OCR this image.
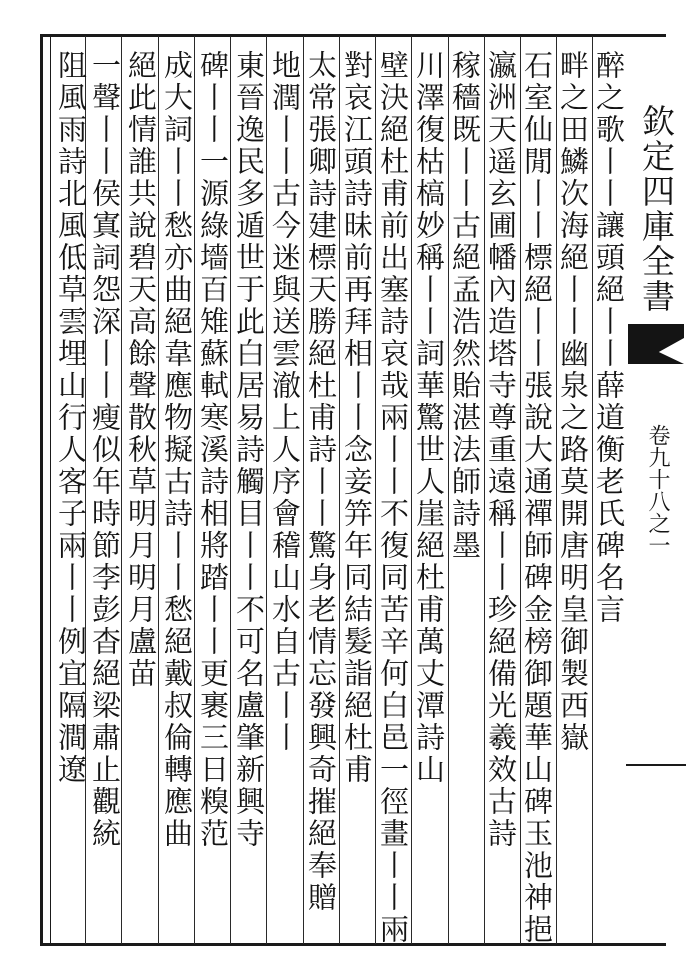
醉之歌丨丨讓頭絕丨丨薛道衡老氏碑名言
畔之田鱗次海絕丨丨幽泉之路莫開唐明皇御製西嶽
石室仙閒丨丨標絕丨丨張說大通禪師碑金榜御題華山碑玉池神挹
瀛洲天遥玄圃幡內造塔寺尊重遠稱丨丨珍絕備光羲效古詩
稼穡既丨丨古絕孟浩然貽湛法師詩墨
川澤復枯槁妙稱丨丨詞華驚世人崖絕杜甫萬丈潭詩山
壁決絕杜甫前出塞詩哀哉兩丨丨不復同苦辛何白邑一徑畫丨丨兩
對哀江頭詩昧前再拜相丨丨念妾笄年同結髮詣絕杜甫
太常張卿詩建標天勝絕杜甫詩丨丨驚身老情忘發興奇摧絕奉贈
地潤丨丨古今迷與送雲澈上人序會稽山水自古丨丨
東晉逸民多遁世于此白居易詩觸目丨丨不可名盧肇新興寺
碑丨丨一源綠墻百雉蘇軾寒溪詩相將踏丨丨更裹三日糗范
成大詞丨丨愁亦曲絕韋應物擬古詩丨丨愁絕戴叔倫轉應曲
絕此情誰共說碧天高餘聲散秋草明月明月盧苗
一聲丨丨侯寘詞怨深丨丨瘦似年時節李彭杳絕梁肅止觀統
阻風雨詩北風低草雲埋山行人客子兩丨丨例宜隔澗遼	欽定四庫全書
卷九十八之一
